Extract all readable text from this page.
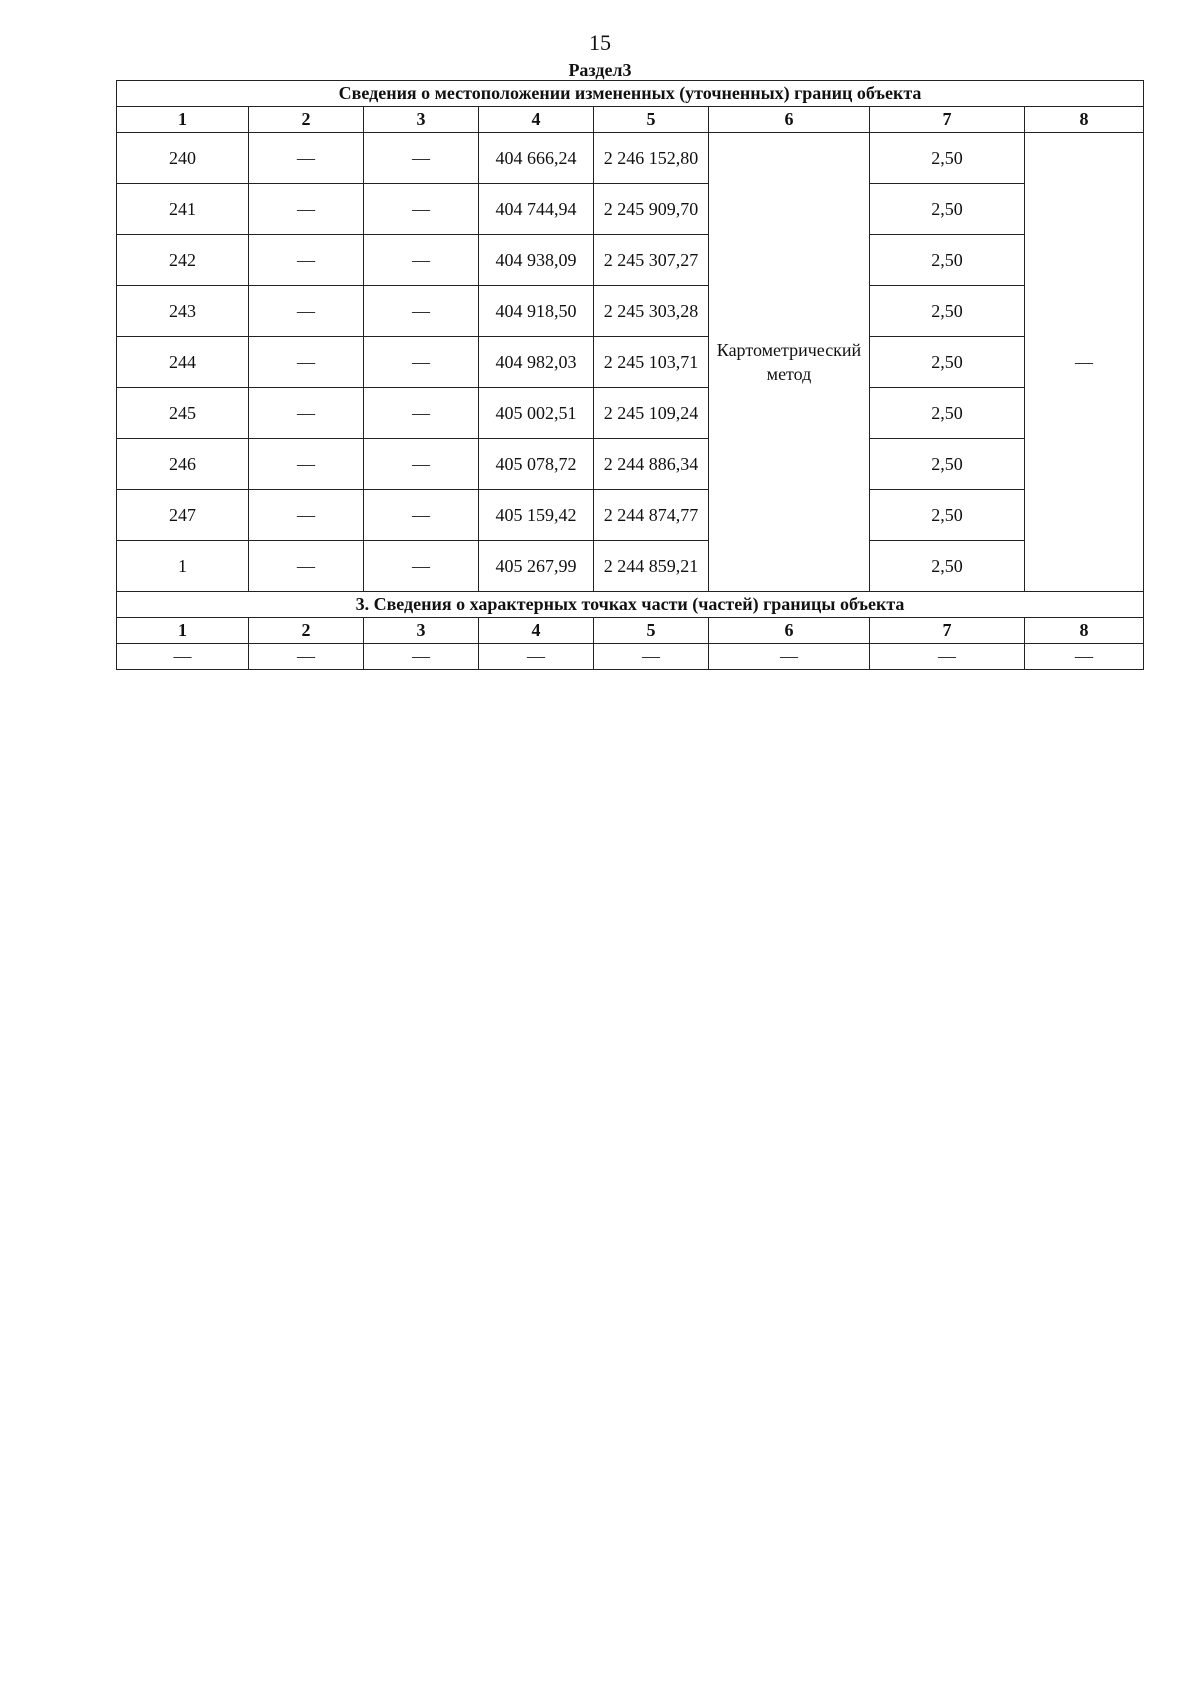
15
Раздел3
Сведения о местоположении измененных (уточненных) границ объекта							
1	2	3	4	5	6	7	8
240	—	—	404 666,24	2 246 152,80	Картометрический метод	2,50	—
241	—	—	404 744,94	2 245 909,70		2,50	
242	—	—	404 938,09	2 245 307,27		2,50	
243	—	—	404 918,50	2 245 303,28		2,50	
244	—	—	404 982,03	2 245 103,71		2,50	
245	—	—	405 002,51	2 245 109,24		2,50	
246	—	—	405 078,72	2 244 886,34		2,50	
247	—	—	405 159,42	2 244 874,77		2,50	
1	—	—	405 267,99	2 244 859,21		2,50	
3. Сведения о характерных точках части (частей) границы объекта							
1	2	3	4	5	6	7	8
—	—	—	—	—	—	—	—
